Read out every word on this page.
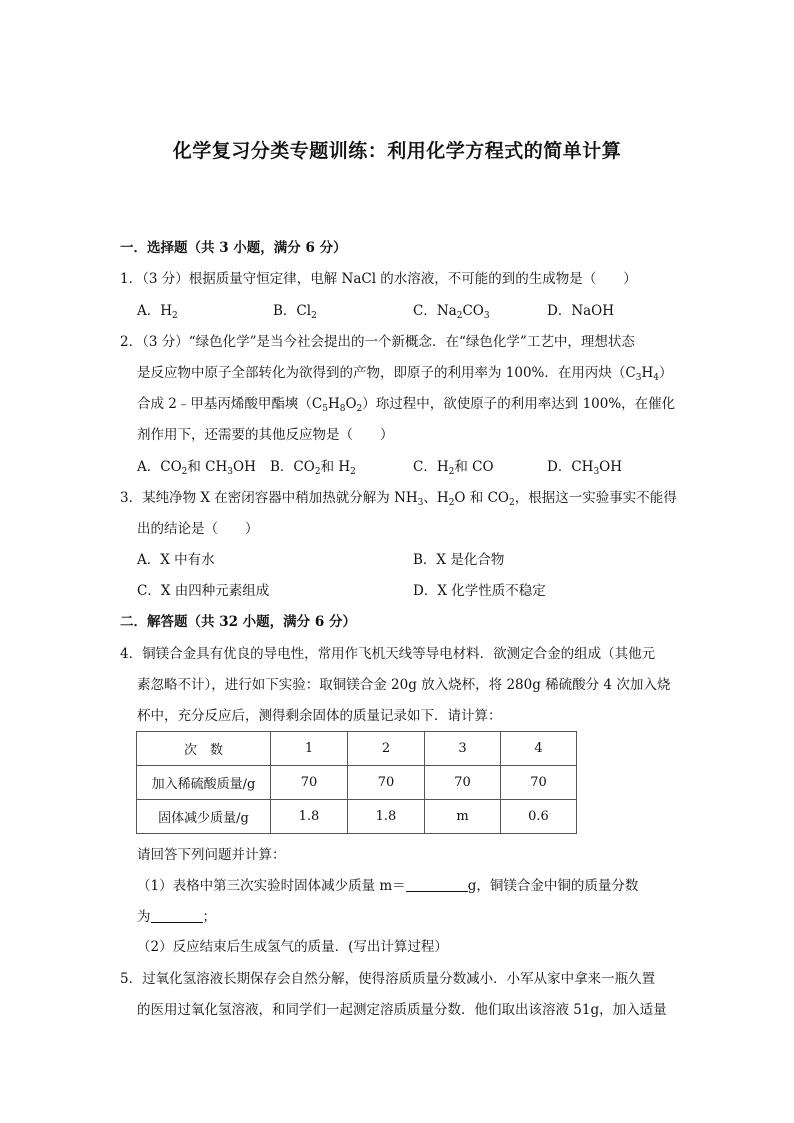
化学复习分类专题训练：利用化学方程式的简单计算
一．选择题（共 3 小题，满分 6 分）
1．（3 分）根据质量守恒定律，电解 NaCl 的水溶液，不可能的到的生成物是（　　）
A．$H_2$	B．$Cl_2$	C．$Na_2CO_3$	D．NaOH
2．（3 分）“绿色化学”是当今社会提出的一个新概念．在“绿色化学”工艺中，理想状态
是反应物中原子全部转化为欲得到的产物，即原子的利用率为 100%．在用丙炔$(C_3H_4)$
合成 2﹣甲基丙烯酸甲酯塽$(C_5H_8O_2)$珎过程中，欲使原子的利用率达到 100%，在催化
剂作用下，还需要的其他反应物是（　　）
A．$CO_2$和 $CH_3OH$ B．$CO_2$和 $H_2$	C．$H_2$和 CO	D．$CH_3OH$
3．某纯净物 X 在密闭容器中稍加热就分解为 $NH_3$、$H_2O$ 和 $CO_2$，根据这一实验事实不能得
出的结论是（　　）
A．X 中有水	B．X 是化合物
C．X 由四种元素组成	D．X 化学性质不稳定
二．解答题（共 32 小题，满分 6 分）
4．铜镁合金具有优良的导电性，常用作飞机天线等导电材料．欲测定合金的组成（其他元
素忽略不计），进行如下实验：取铜镁合金 20g 放入烧杯，将 280g 稀硫酸分 4 次加入烧
杯中，充分反应后，测得剩余固体的质量记录如下．请计算：
次　数	1	2	3	4
加入稀硫酸质量/g	70	70	70	70
固体减少质量/g	1.8	1.8	m	0.6
请回答下列问题并计算：
（1）表格中第三次实验时固体减少质量 m＝	g，铜镁合金中铜的质量分数
为	；
（2）反应结束后生成氢气的质量．(写出计算过程）
5．过氧化氢溶液长期保存会自然分解，使得溶质质量分数减小．小军从家中拿来一瓶久置
的医用过氧化氢溶液，和同学们一起测定溶质质量分数．他们取出该溶液 51g，加入适量
